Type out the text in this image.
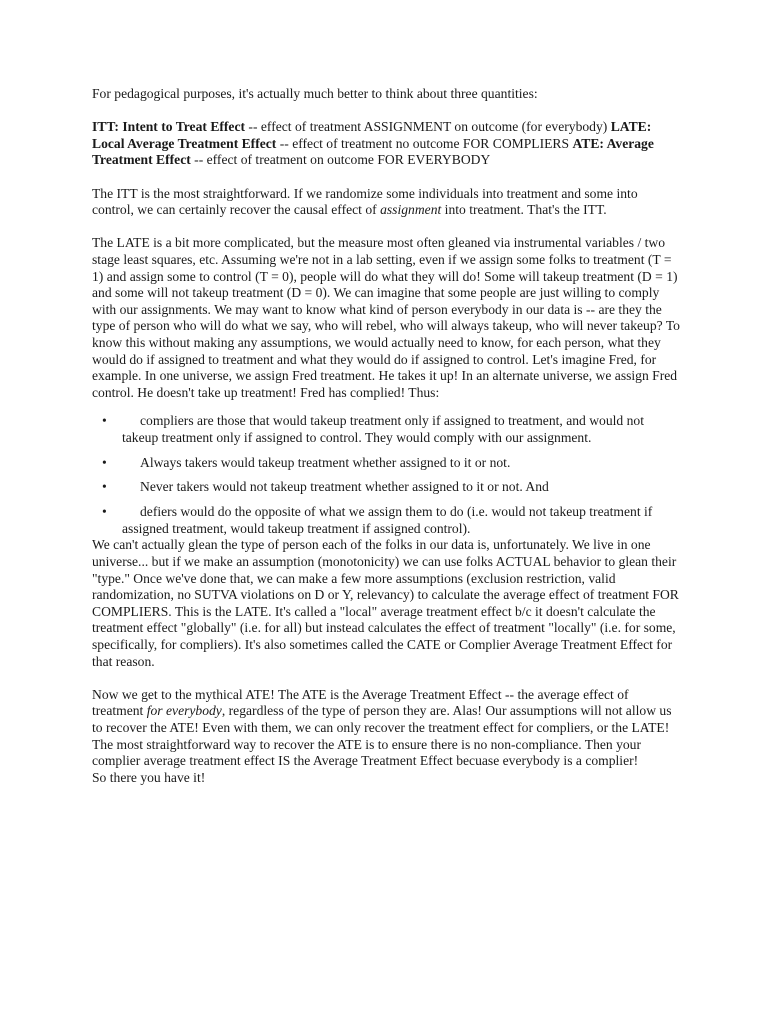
For pedagogical purposes, it's actually much better to think about three quantities:

ITT: Intent to Treat Effect -- effect of treatment ASSIGNMENT on outcome (for everybody) LATE: Local Average Treatment Effect -- effect of treatment no outcome FOR COMPLIERS ATE: Average Treatment Effect -- effect of treatment on outcome FOR EVERYBODY

The ITT is the most straightforward. If we randomize some individuals into treatment and some into control, we can certainly recover the causal effect of assignment into treatment. That's the ITT.

The LATE is a bit more complicated, but the measure most often gleaned via instrumental variables / two stage least squares, etc. Assuming we're not in a lab setting, even if we assign some folks to treatment (T = 1) and assign some to control (T = 0), people will do what they will do! Some will takeup treatment (D = 1) and some will not takeup treatment (D = 0). We can imagine that some people are just willing to comply with our assignments. We may want to know what kind of person everybody in our data is -- are they the type of person who will do what we say, who will rebel, who will always takeup, who will never takeup? To know this without making any assumptions, we would actually need to know, for each person, what they would do if assigned to treatment and what they would do if assigned to control. Let's imagine Fred, for example. In one universe, we assign Fred treatment. He takes it up! In an alternate universe, we assign Fred control. He doesn't take up treatment! Fred has complied! Thus:

• compliers are those that would takeup treatment only if assigned to treatment, and would not takeup treatment only if assigned to control. They would comply with our assignment.
• Always takers would takeup treatment whether assigned to it or not.
• Never takers would not takeup treatment whether assigned to it or not. And
• defiers would do the opposite of what we assign them to do (i.e. would not takeup treatment if assigned treatment, would takeup treatment if assigned control).

We can't actually glean the type of person each of the folks in our data is, unfortunately. We live in one universe... but if we make an assumption (monotonicity) we can use folks ACTUAL behavior to glean their "type." Once we've done that, we can make a few more assumptions (exclusion restriction, valid randomization, no SUTVA violations on D or Y, relevancy) to calculate the average effect of treatment FOR COMPLIERS. This is the LATE. It's called a "local" average treatment effect b/c it doesn't calculate the treatment effect "globally" (i.e. for all) but instead calculates the effect of treatment "locally" (i.e. for some, specifically, for compliers). It's also sometimes called the CATE or Complier Average Treatment Effect for that reason.

Now we get to the mythical ATE! The ATE is the Average Treatment Effect -- the average effect of treatment for everybody, regardless of the type of person they are. Alas! Our assumptions will not allow us to recover the ATE! Even with them, we can only recover the treatment effect for compliers, or the LATE! The most straightforward way to recover the ATE is to ensure there is no non-compliance. Then your complier average treatment effect IS the Average Treatment Effect becuase everybody is a complier!

So there you have it!
